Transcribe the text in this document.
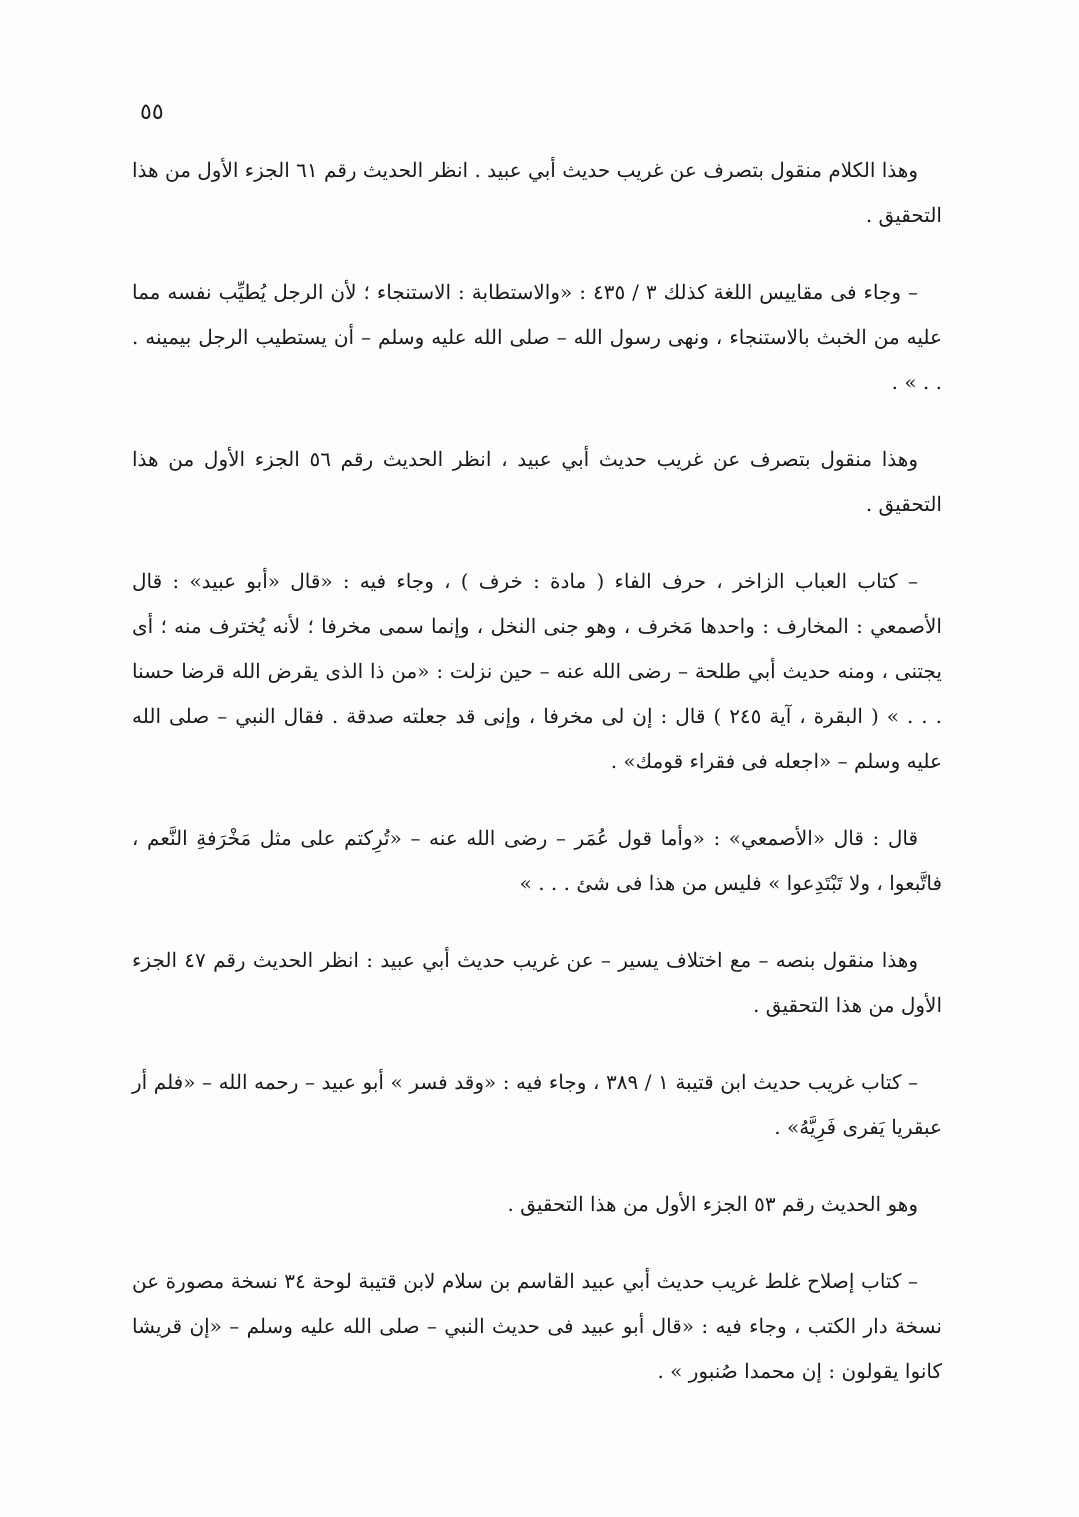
٥٥

وهذا الكلام منقول بتصرف عن غريب حديث أبي عبيد . انظر الحديث رقم ٦١ الجزء الأول من هذا التحقيق .

– وجاء فى مقاييس اللغة كذلك ٣ / ٤٣٥ : «والاستطابة : الاستنجاء ؛ لأن الرجل يُطيِّب نفسه مما عليه من الخبث بالاستنجاء ، ونهى رسول الله – صلى الله عليه وسلم – أن يستطيب الرجل بيمينه . . . » .

وهذا منقول بتصرف عن غريب حديث أبي عبيد ، انظر الحديث رقم ٥٦ الجزء الأول من هذا التحقيق .

– كتاب العباب الزاخر ، حرف الفاء ( مادة : خرف ) ، وجاء فيه : «قال «أبو عبيد» : قال الأصمعي : المخارف : واحدها مَخرف ، وهو جنى النخل ، وإنما سمى مخرفا ؛ لأنه يُخترف منه ؛ أى يجتنى ، ومنه حديث أبي طلحة – رضى الله عنه – حين نزلت : «من ذا الذى يقرض الله قرضا حسنا . . . » ( البقرة ، آية ٢٤٥ ) قال : إن لى مخرفا ، وإنى قد جعلته صدقة . فقال النبي – صلى الله عليه وسلم – «اجعله فى فقراء قومك» .

قال : قال «الأصمعي» : «وأما قول عُمَر – رضى الله عنه – «تُرِكتم على مثل مَخْرَفةِ النَّعم ، فاتَّبعوا ، ولا تَبْتَدِعوا » فليس من هذا فى شئ . . . »

وهذا منقول بنصه – مع اختلاف يسير – عن غريب حديث أبي عبيد : انظر الحديث رقم ٤٧ الجزء الأول من هذا التحقيق .

– كتاب غريب حديث ابن قتيبة ١ / ٣٨٩ ، وجاء فيه : «وقد فسر » أبو عبيد – رحمه الله – «فلم أر عبقريا يَفرى فَرِيَّهُ» .

وهو الحديث رقم ٥٣ الجزء الأول من هذا التحقيق .

– كتاب إصلاح غلط غريب حديث أبي عبيد القاسم بن سلام لابن قتيبة لوحة ٣٤ نسخة مصورة عن نسخة دار الكتب ، وجاء فيه : «قال أبو عبيد فى حديث النبي – صلى الله عليه وسلم – «إن قريشا كانوا يقولون : إن محمدا صُنبور » .
